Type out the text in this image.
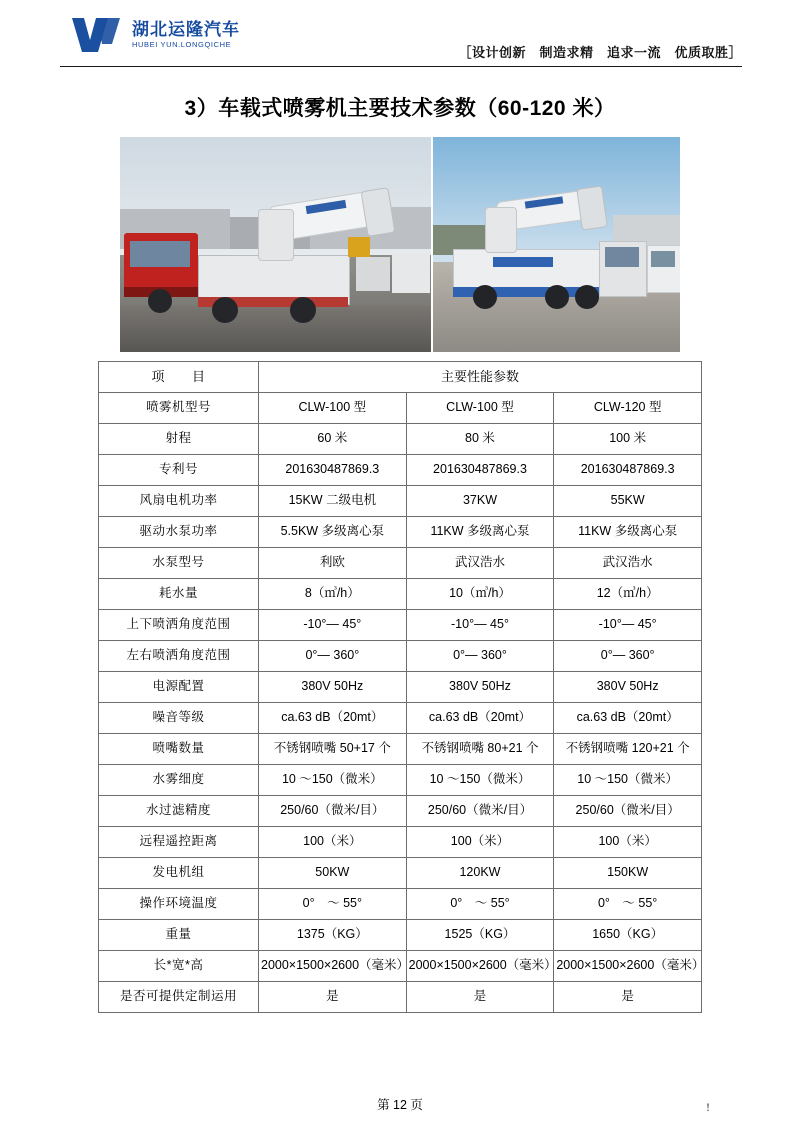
湖北运隆汽车
HUBEI YUN.LONGQICHE
［设计创新　制造求精　追求一流　优质取胜］
3）车载式喷雾机主要技术参数（60-120 米）
项　　目	主要性能参数		
喷雾机型号	CLW-100 型	CLW-100 型	CLW-120 型
射程	60 米	80 米	100 米
专利号	201630487869.3	201630487869.3	201630487869.3
风扇电机功率	15KW 二级电机	37KW	55KW
驱动水泵功率	5.5KW 多级离心泵	11KW 多级离心泵	11KW 多级离心泵
水泵型号	利欧	武汉浩水	武汉浩水
耗水量	8（㎥/h）	10（㎥/h）	12（㎥/h）
上下喷洒角度范围	-10°— 45°	-10°— 45°	-10°— 45°
左右喷洒角度范围	0°— 360°	0°— 360°	0°— 360°
电源配置	380V 50Hz	380V 50Hz	380V 50Hz
噪音等级	ca.63 dB（20mt）	ca.63 dB（20mt）	ca.63 dB（20mt）
喷嘴数量	不锈钢喷嘴 50+17 个	不锈钢喷嘴 80+21 个	不锈钢喷嘴 120+21 个
水雾细度	10 ～150（微米）	10 ～150（微米）	10 ～150（微米）
水过滤精度	250/60（微米/目）	250/60（微米/目）	250/60（微米/目）
远程遥控距离	100（米）	100（米）	100（米）
发电机组	50KW	120KW	150KW
操作环境温度	0°　～ 55°	0°　～ 55°	0°　～ 55°
重量	1375（KG）	1525（KG）	1650（KG）
长*宽*高	2000×1500×2600（毫米）	2000×1500×2600（毫米）	2000×1500×2600（毫米）
是否可提供定制运用	是	是	是
第 12 页	!
